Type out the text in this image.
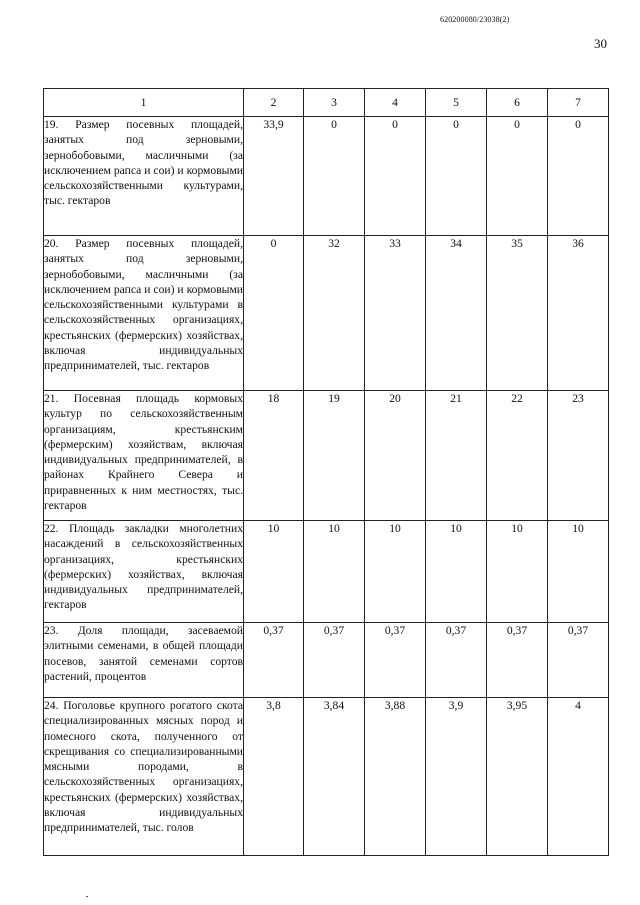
620200080/23038(2)
30
1	2	3	4	5	6	7
19. Размер посевных площадей, занятых под зерновыми, зернобобовыми, масличными (за исключением рапса и сои) и кормовыми сельскохозяйственными культурами, тыс. гектаров	33,9	0	0	0	0	0
20. Размер посевных площадей, занятых под зерновыми, зернобобовыми, масличными (за исключением рапса и сои) и кормовыми сельскохозяйственными культурами в сельскохозяйственных организациях, крестьянских (фермерских) хозяйствах, включая индивидуальных предпринимателей, тыс. гектаров	0	32	33	34	35	36
21. Посевная площадь кормовых культур по сельскохозяйственным организациям, крестьянским (фермерским) хозяйствам, включая индивидуальных предпринимателей, в районах Крайнего Севера и приравненных к ним местностях, тыс. гектаров	18	19	20	21	22	23
22. Площадь закладки многолетних насаждений в сельскохозяйственных организациях, крестьянских (фермерских) хозяйствах, включая индивидуальных предпринимателей, гектаров	10	10	10	10	10	10
23. Доля площади, засеваемой элитными семенами, в общей площади посевов, занятой семенами сортов растений, процентов	0,37	0,37	0,37	0,37	0,37	0,37
24. Поголовье крупного рогатого скота специализированных мясных пород и помесного скота, полученного от скрещивания со специализированными мясными породами, в сельскохозяйственных организациях, крестьянских (фермерских) хозяйствах, включая индивидуальных предпринимателей, тыс. голов	3,8	3,84	3,88	3,9	3,95	4
